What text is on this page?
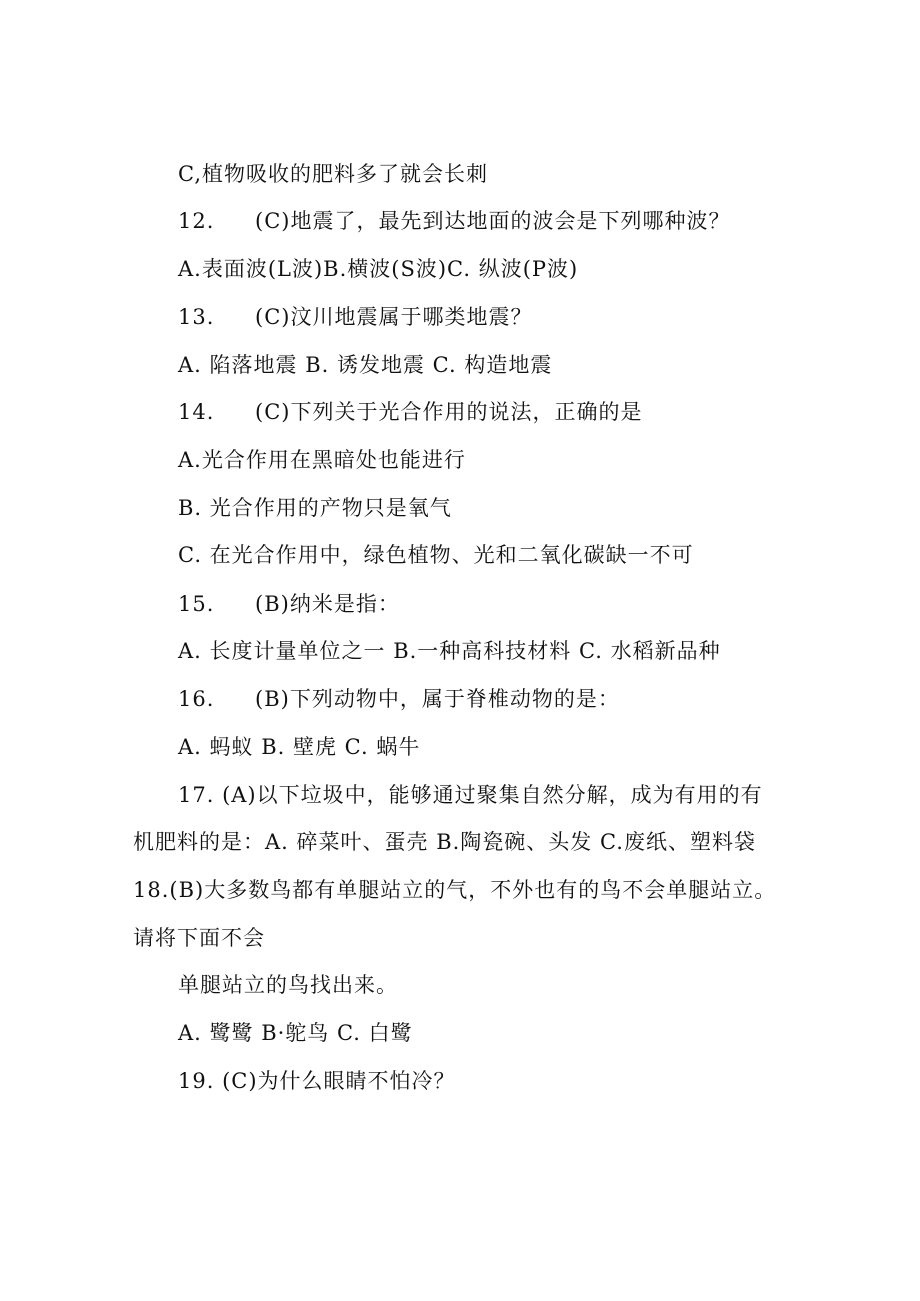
C,植物吸收的肥料多了就会长刺
12. (C)地震了，最先到达地面的波会是下列哪种波？
A.表面波(L波)B.横波(S波)C. 纵波(P波)
13. (C)汶川地震属于哪类地震？
A. 陷落地震 B. 诱发地震 C. 构造地震
14. (C)下列关于光合作用的说法，正确的是
A.光合作用在黑暗处也能进行
B. 光合作用的产物只是氧气
C. 在光合作用中，绿色植物、光和二氧化碳缺一不可
15. (B)纳米是指：
A. 长度计量单位之一 B.一种高科技材料 C. 水稻新品种
16. (B)下列动物中，属于脊椎动物的是：
A. 蚂蚁 B. 壁虎 C. 蜗牛
17. (A)以下垃圾中，能够通过聚集自然分解，成为有用的有
机肥料的是：A. 碎菜叶、蛋壳 B.陶瓷碗、头发 C.废纸、塑料袋
18.(B)大多数鸟都有单腿站立的气，不外也有的鸟不会单腿站立。
请将下面不会
单腿站立的鸟找出来。
A. 鹭鹭 B·鸵鸟 C. 白鹭
19. (C)为什么眼睛不怕冷？
